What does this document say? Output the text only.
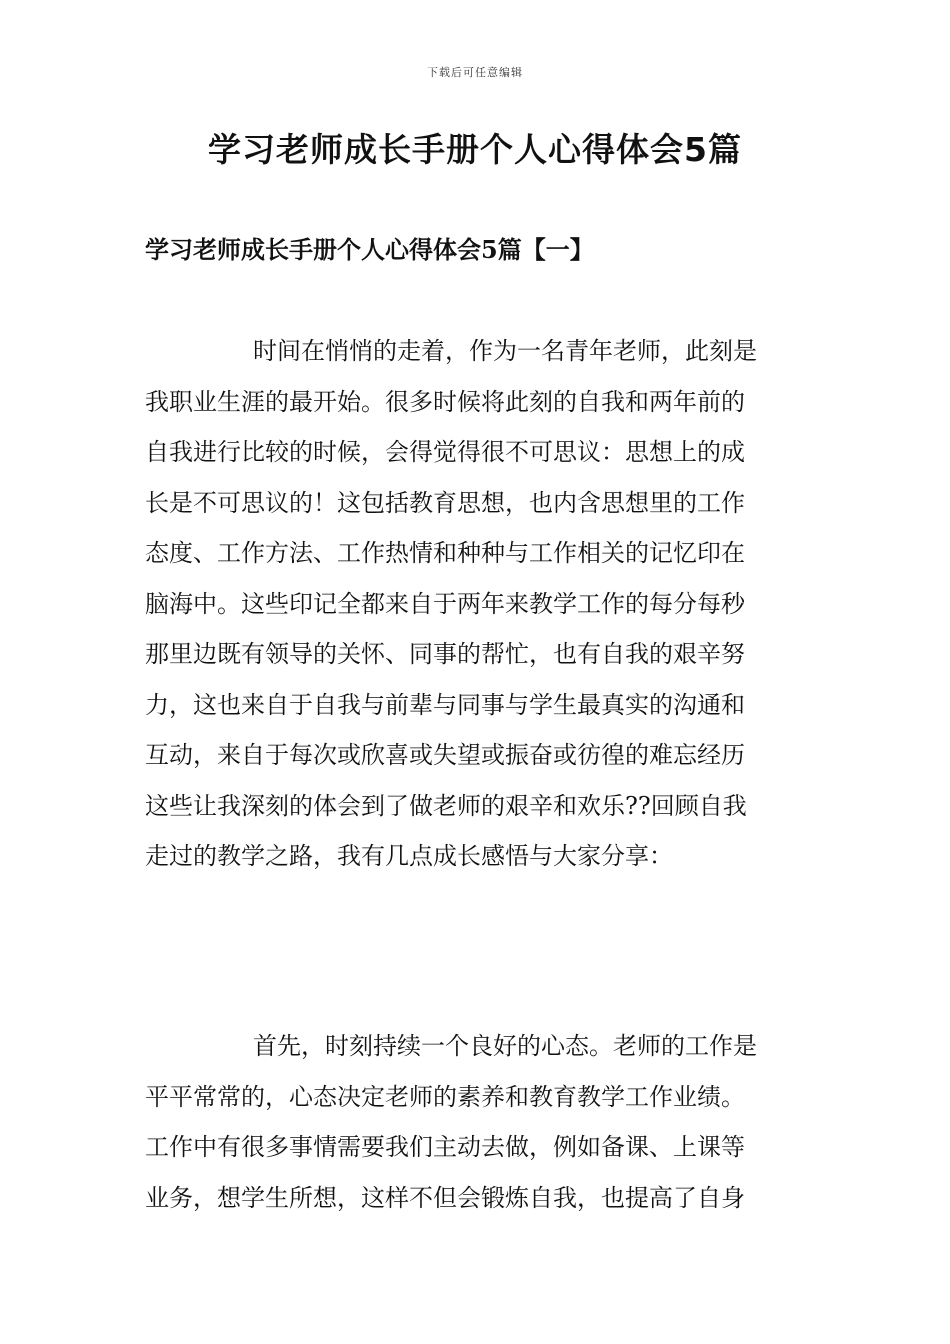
下载后可任意编辑
学习老师成长手册个人心得体会5篇
学习老师成长手册个人心得体会5篇【一】
时间在悄悄的走着，作为一名青年老师，此刻是
我职业生涯的最开始。很多时候将此刻的自我和两年前的
自我进行比较的时候，会得觉得很不可思议：思想上的成
长是不可思议的！这包括教育思想，也内含思想里的工作
态度、工作方法、工作热情和种种与工作相关的记忆印在
脑海中。这些印记全都来自于两年来教学工作的每分每秒
那里边既有领导的关怀、同事的帮忙，也有自我的艰辛努
力，这也来自于自我与前辈与同事与学生最真实的沟通和
互动，来自于每次或欣喜或失望或振奋或彷徨的难忘经历
这些让我深刻的体会到了做老师的艰辛和欢乐??回顾自我
走过的教学之路，我有几点成长感悟与大家分享：
首先，时刻持续一个良好的心态。老师的工作是
平平常常的，心态决定老师的素养和教育教学工作业绩。
工作中有很多事情需要我们主动去做，例如备课、上课等
业务，想学生所想，这样不但会锻炼自我，也提高了自身
